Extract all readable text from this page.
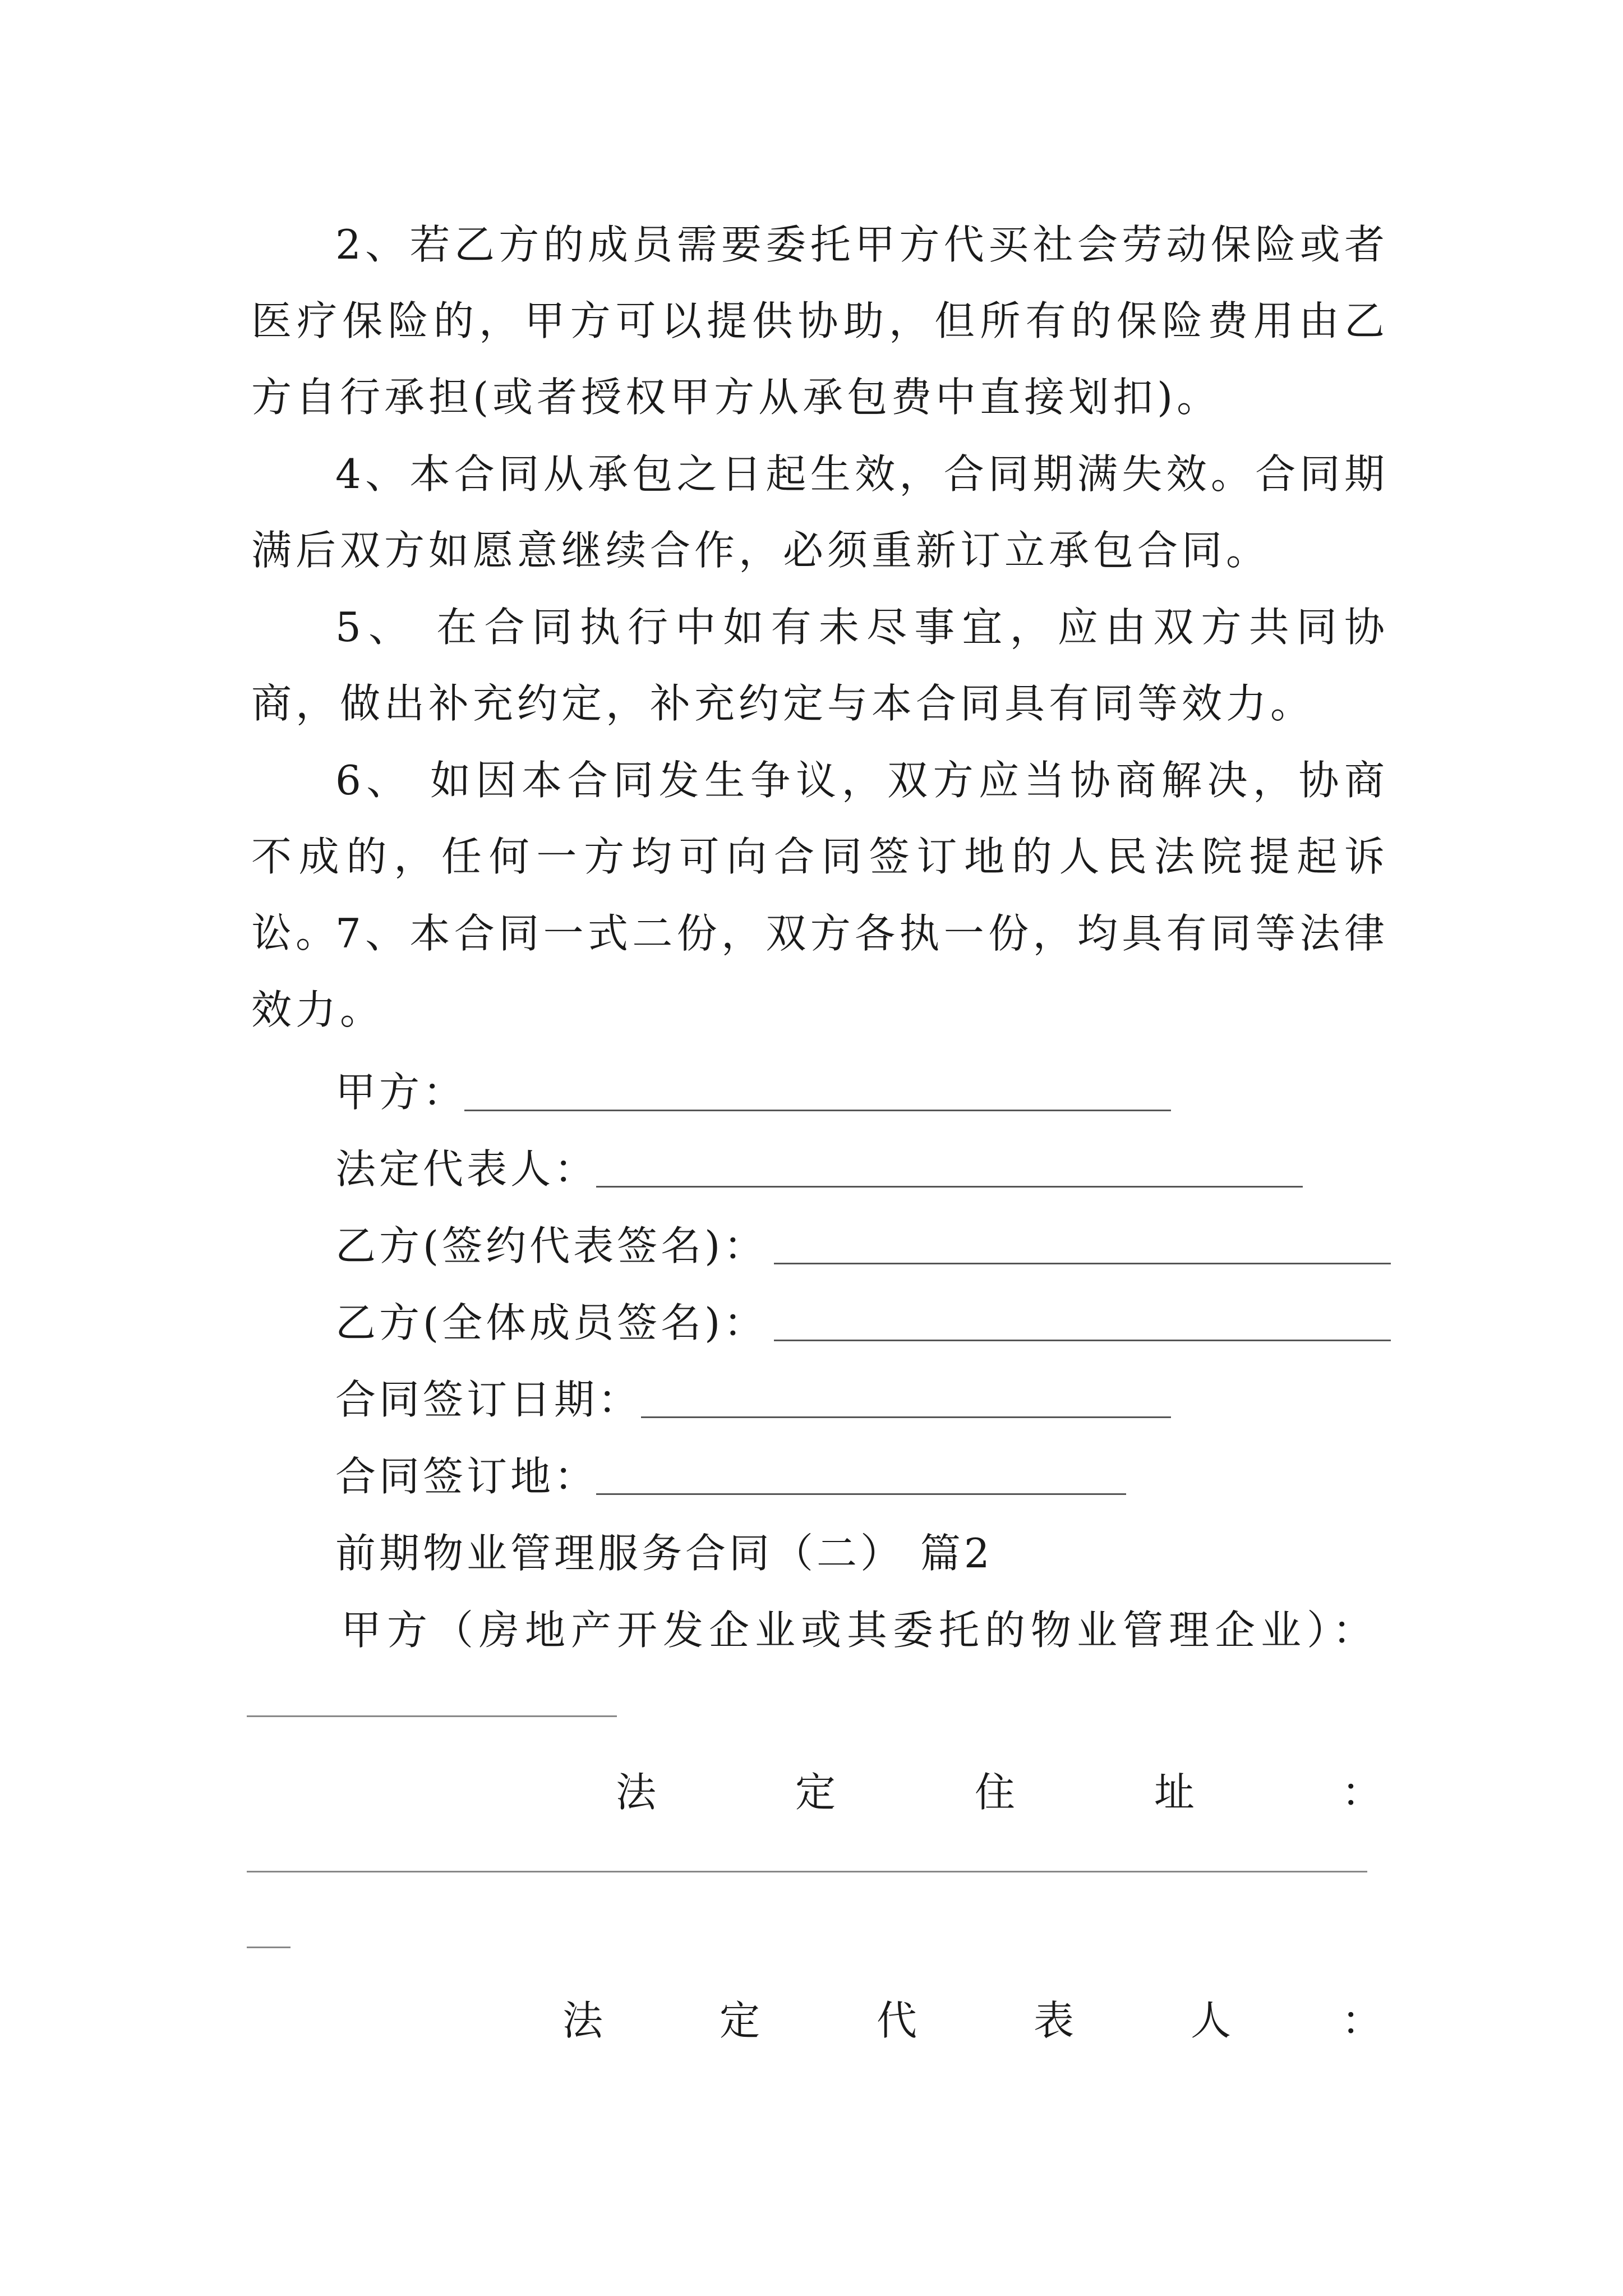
2、若乙方的成员需要委托甲方代买社会劳动保险或者医疗保险的，甲方可以提供协助，但所有的保险费用由乙方自行承担(或者授权甲方从承包费中直接划扣)。

4、本合同从承包之日起生效，合同期满失效。合同期满后双方如愿意继续合作，必须重新订立承包合同。

5、 在合同执行中如有未尽事宜，应由双方共同协商，做出补充约定，补充约定与本合同具有同等效力。

6、 如因本合同发生争议，双方应当协商解决，协商不成的，任何一方均可向合同签订地的人民法院提起诉讼。

7、本合同一式二份，双方各执一份，均具有同等法律效力。

甲方：
法定代表人：
乙方(签约代表签名)：
乙方(全体成员签名)：
合同签订日期：
合同签订地：
前期物业管理服务合同（二） 篇2
甲方（房地产开发企业或其委托的物业管理企业）：
法	定	住	址	：
法	定	代	表	人	：
